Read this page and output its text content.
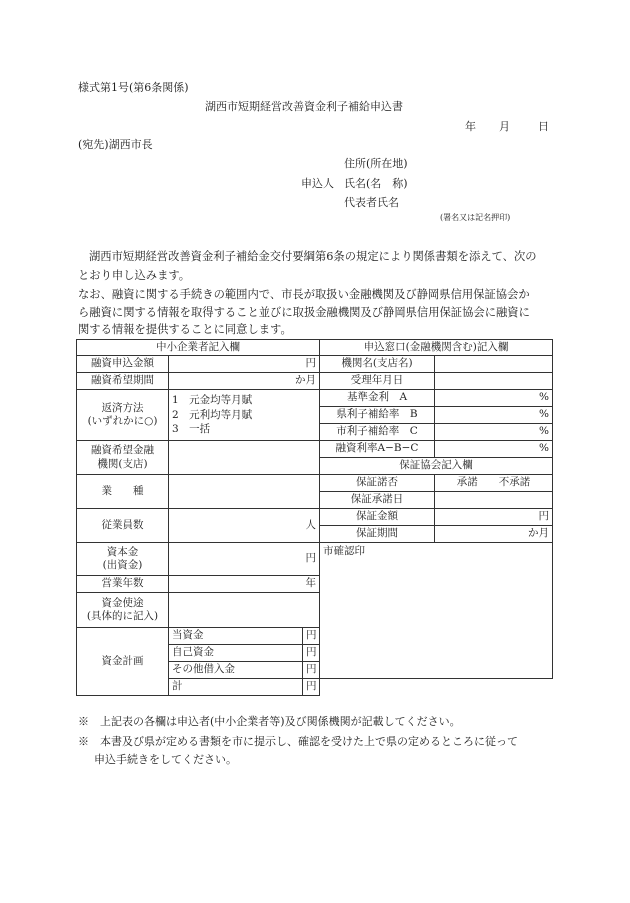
様式第1号(第6条関係)
湖西市短期経営改善資金利子補給申込書
年 月	日
(宛先)湖西市長
住所(所在地)
申込人 氏名(名　称)
代表者氏名
(署名又は記名押印)
湖西市短期経営改善資金利子補給金交付要綱第6条の規定により関係書類を添えて、次の
とおり申し込みます。
なお、融資に関する手続きの範囲内で、市長が取扱い金融機関及び静岡県信用保証協会か
ら融資に関する情報を取得すること並びに取扱金融機関及び静岡県信用保証協会に融資に
関する情報を提供することに同意します。
中小企業者記入欄			申込窓口(金融機関含む)記入欄	
融資申込金額	円		機関名(支店名)	
融資希望期間	か月		受理年月日	
返済方法
(いずれかに○)	1　元金均等月賦
2　元利均等月賦
3　一括		基準金利　A	%
			県利子補給率　B	%
			市利子補給率　C	%
融資希望金融
機関(支店)			融資利率A−B−C	%
			保証協会記入欄	
業　　種			保証諾否	承諾　　 不承諾
			保証承諾日	
従業員数	人		保証金額	円
			保証期間	か月
資本金
(出資金)	円		市確認印	
営業年数	年			
資金使途
(具体的に記入)				
資金計画	当資金	円		
	自己資金	円		
	その他借入金	円		
	計	円		
※　上記表の各欄は申込者(中小企業者等)及び関係機関が記載してください。
※　本書及び県が定める書類を市に提示し、確認を受けた上で県の定めるところに従って
申込手続きをしてください。
